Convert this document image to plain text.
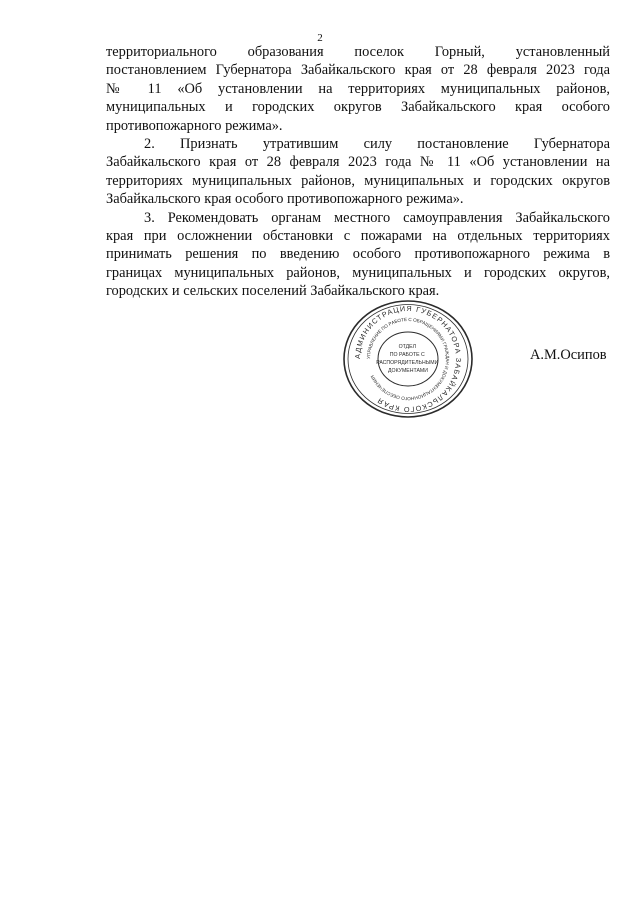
2
территориального образования поселок Горный, установленный
постановлением Губернатора Забайкальского края от 28 февраля 2023 года
№ 11 «Об установлении на территориях муниципальных районов,
муниципальных и городских округов Забайкальского края особого
противопожарного режима».
2. Признать утратившим силу постановление Губернатора
Забайкальского края от 28 февраля 2023 года № 11 «Об установлении на
территориях муниципальных районов, муниципальных и городских округов
Забайкальского края особого противопожарного режима».
3. Рекомендовать органам местного самоуправления Забайкальского
края при осложнении обстановки с пожарами на отдельных территориях
принимать решения по введению особого противопожарного режима в
границах муниципальных районов, муниципальных и городских округов,
городских и сельских поселений Забайкальского края.
АДМИНИСТРАЦИЯ ГУБЕРНАТОРА ЗАБАЙКАЛЬСКОГО КРАЯ
УПРАВЛЕНИЕ ПО РАБОТЕ С ОБРАЩЕНИЯМИ ГРАЖДАН И ДОКУМЕНТАЦИОННОГО ОБЕСПЕЧЕНИЯ
ОТДЕЛ ПО РАБОТЕ С РАСПОРЯДИТЕЛЬНЫМИ ДОКУМЕНТАМИ
А.М.Осипов
